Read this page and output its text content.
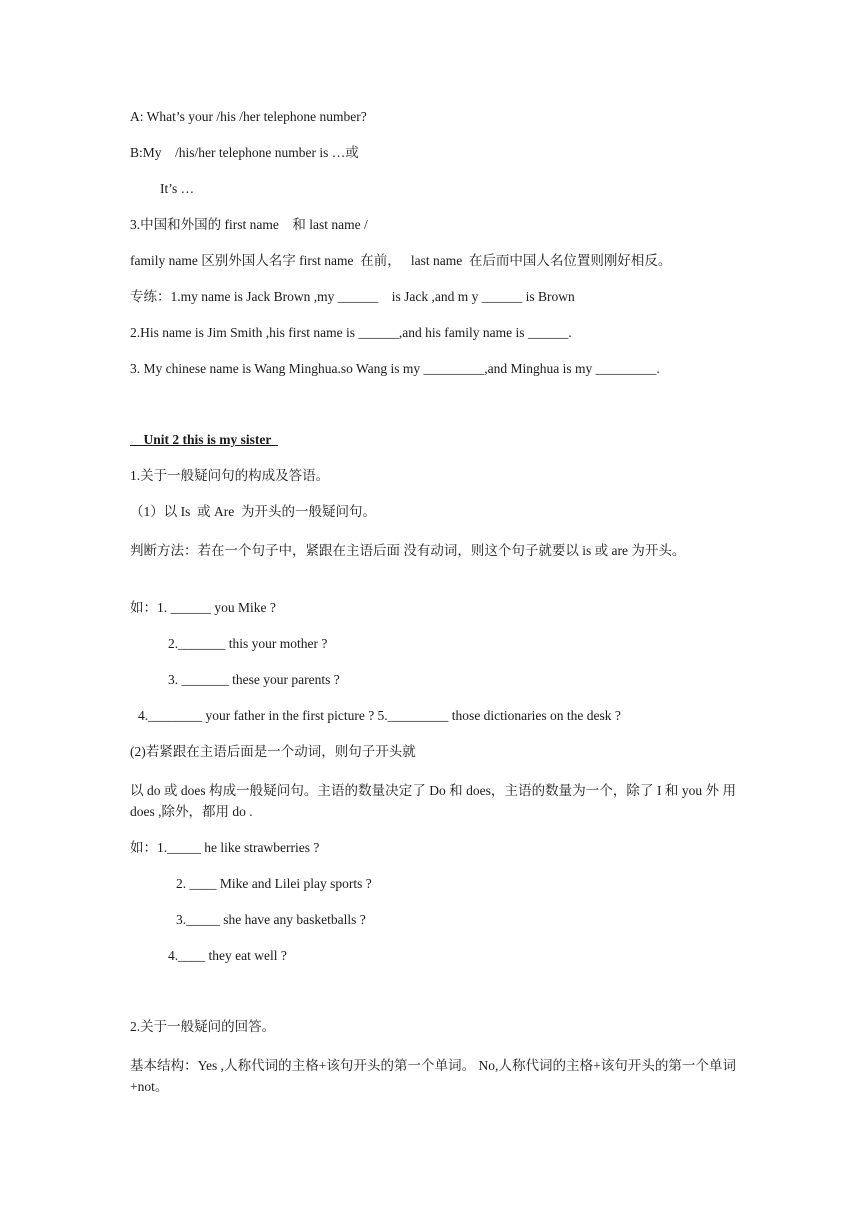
A: What’s your /his /her telephone number?
B:My    /his/her telephone number is …或
It’s …
3.中国和外国的 first name    和 last name /
family name 区别外国人名字 first name  在前，   last name  在后而中国人名位置则刚好相反。
专练：1.my name is Jack Brown ,my ______    is Jack ,and m y ______ is Brown
2.His name is Jim Smith ,his first name is ______,and his family name is ______.
3. My chinese name is Wang Minghua.so Wang is my _________,and Minghua is my _________.
Unit 2 this is my sister
1.关于一般疑问句的构成及答语。
（1）以 Is  或 Are  为开头的一般疑问句。
判断方法：若在一个句子中，紧跟在主语后面 没有动词，则这个句子就要以 is 或 are 为开头。
如：1. ______ you Mike ?
2._______ this your mother ?
3. _______ these your parents ?
4.________ your father in the first picture ? 5._________ those dictionaries on the desk ?
(2)若紧跟在主语后面是一个动词，则句子开头就
以 do 或 does 构成一般疑问句。主语的数量决定了 Do 和 does，主语的数量为一个，除了 I 和 you 外 用 does ,除外，都用 do .
如：1._____ he like strawberries ?
2. ____ Mike and Lilei play sports ?
3._____ she have any basketballs ?
4.____ they eat well ?
2.关于一般疑问的回答。
基本结构：Yes ,人称代词的主格+该句开头的第一个单词。 No,人称代词的主格+该句开头的第一个单词+not。
